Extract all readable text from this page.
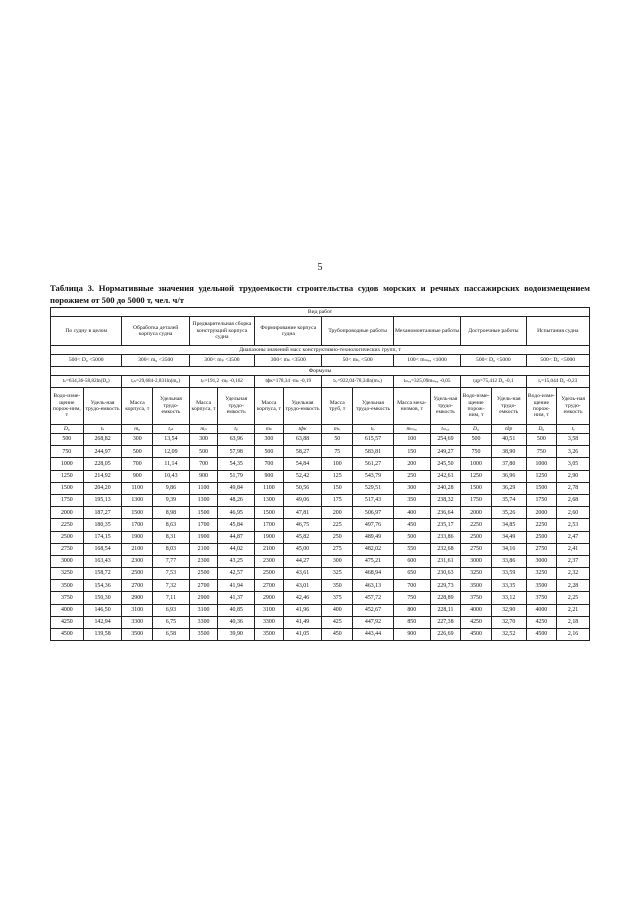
5
Таблица 3. Нормативные значения удельной трудоемкости строительства судов морских и речных пассажирских водоизмещением порожнем от 500 до 5000 т, чел. ч/т
Вид работ															
По судну в целом		Обработка деталей корпуса судна		Предварительная сборка конструкций корпуса судна		Формирование корпуса судна		Трубопроводные работы		Механомонтажные работы		Достроечные работы		Испытания судна	
Диапазоны значений масс конструктивно-технологических групп, т															
500< D₀ <5000		300< m₀ <3500		300< mₚ <3500		300< mₖ <3500		50< mₜᵣ <500		100< mₘₑₓ <1000		500< D₀ <5000		500< D₀ <5000	
Формулы															
tₛ=634,36-58,82ln(D₀)		tₒₖ=29,684-2,831ln(m₀)		tₚ=191,2 ·mₚ -0,162		tфк=178,34 ·mₖ -0,19		tₜᵣ=922,04-78,34ln(mₜᵣ)		tₘₑₓ=325,09mₘₑₓ -0,05		tдр=75,412 D₀ -0,1		tₑ=15,044 D₀ -0,23	
Водо-изме-щение порож-ним, т	Удель-ная трудо-емкость	Масса корпуса, т	Удельная трудо-емкость	Масса корпуса, т	Удельная трудо-емкость	Масса корпуса, т	Удельная трудо-емкость	Масса труб, т	Удельная трудо-емкость	Масса меха-низмов, т	Удель-ная трудо-емкость	Водо-изме-щение порож-ним, т	Удель-ная трудо-емкость	Водо-изме-щение порож-ним, т	Удель-ная трудо-емкость
D₀	tₛ	m₀	tₒₖ	mₚ	tₚ	mₖ	tфк	mₜᵣ	tₜᵣ	mₘₑₓ	tₘₑₓ	D₀	tдр	D₀	tₑ
500	268,82	300	13,54	300	63,96	300	63,88	50	615,57	100	254,69	500	40,51	500	3,58
750	244,97	500	12,09	500	57,98	500	58,27	75	583,81	150	249,27	750	38,90	750	3,26
1000	228,05	700	11,14	700	54,35	700	54,84	100	561,27	200	245,50	1000	37,80	1000	3,05
1250	214,92	900	10,43	900	51,79	900	52,42	125	543,79	250	242,61	1250	36,96	1250	2,90
1500	204,20	1100	9,86	1100	49,84	1100	50,56	150	529,51	300	240,28	1500	36,29	1500	2,78
1750	195,13	1300	9,39	1300	48,26	1300	49,06	175	517,43	350	238,32	1750	35,74	1750	2,68
2000	187,27	1500	8,98	1500	46,95	1500	47,81	200	506,97	400	236,64	2000	35,26	2000	2,60
2250	180,35	1700	8,63	1700	45,84	1700	46,75	225	497,76	450	235,17	2250	34,85	2250	2,53
2500	174,15	1900	8,31	1900	44,87	1900	45,82	250	489,49	500	233,86	2500	34,49	2500	2,47
2750	168,54	2100	8,03	2100	44,02	2100	45,00	275	482,02	550	232,68	2750	34,16	2750	2,41
3000	163,43	2300	7,77	2300	43,25	2300	44,27	300	475,21	600	231,61	3000	33,86	3000	2,37
3250	158,72	2500	7,53	2500	42,57	2500	43,61	325	468,94	650	230,63	3250	33,59	3250	2,32
3500	154,36	2700	7,32	2700	41,94	2700	43,01	350	463,13	700	229,73	3500	33,35	3500	2,28
3750	150,30	2900	7,11	2900	41,37	2900	42,46	375	457,72	750	228,89	3750	33,12	3750	2,25
4000	146,50	3100	6,93	3100	40,85	3100	41,96	400	452,67	800	228,11	4000	32,90	4000	2,21
4250	142,94	3300	6,75	3300	40,36	3300	41,49	425	447,92	850	227,38	4250	32,70	4250	2,18
4500	139,58	3500	6,58	3500	39,90	3500	41,05	450	443,44	900	226,69	4500	32,52	4500	2,16
